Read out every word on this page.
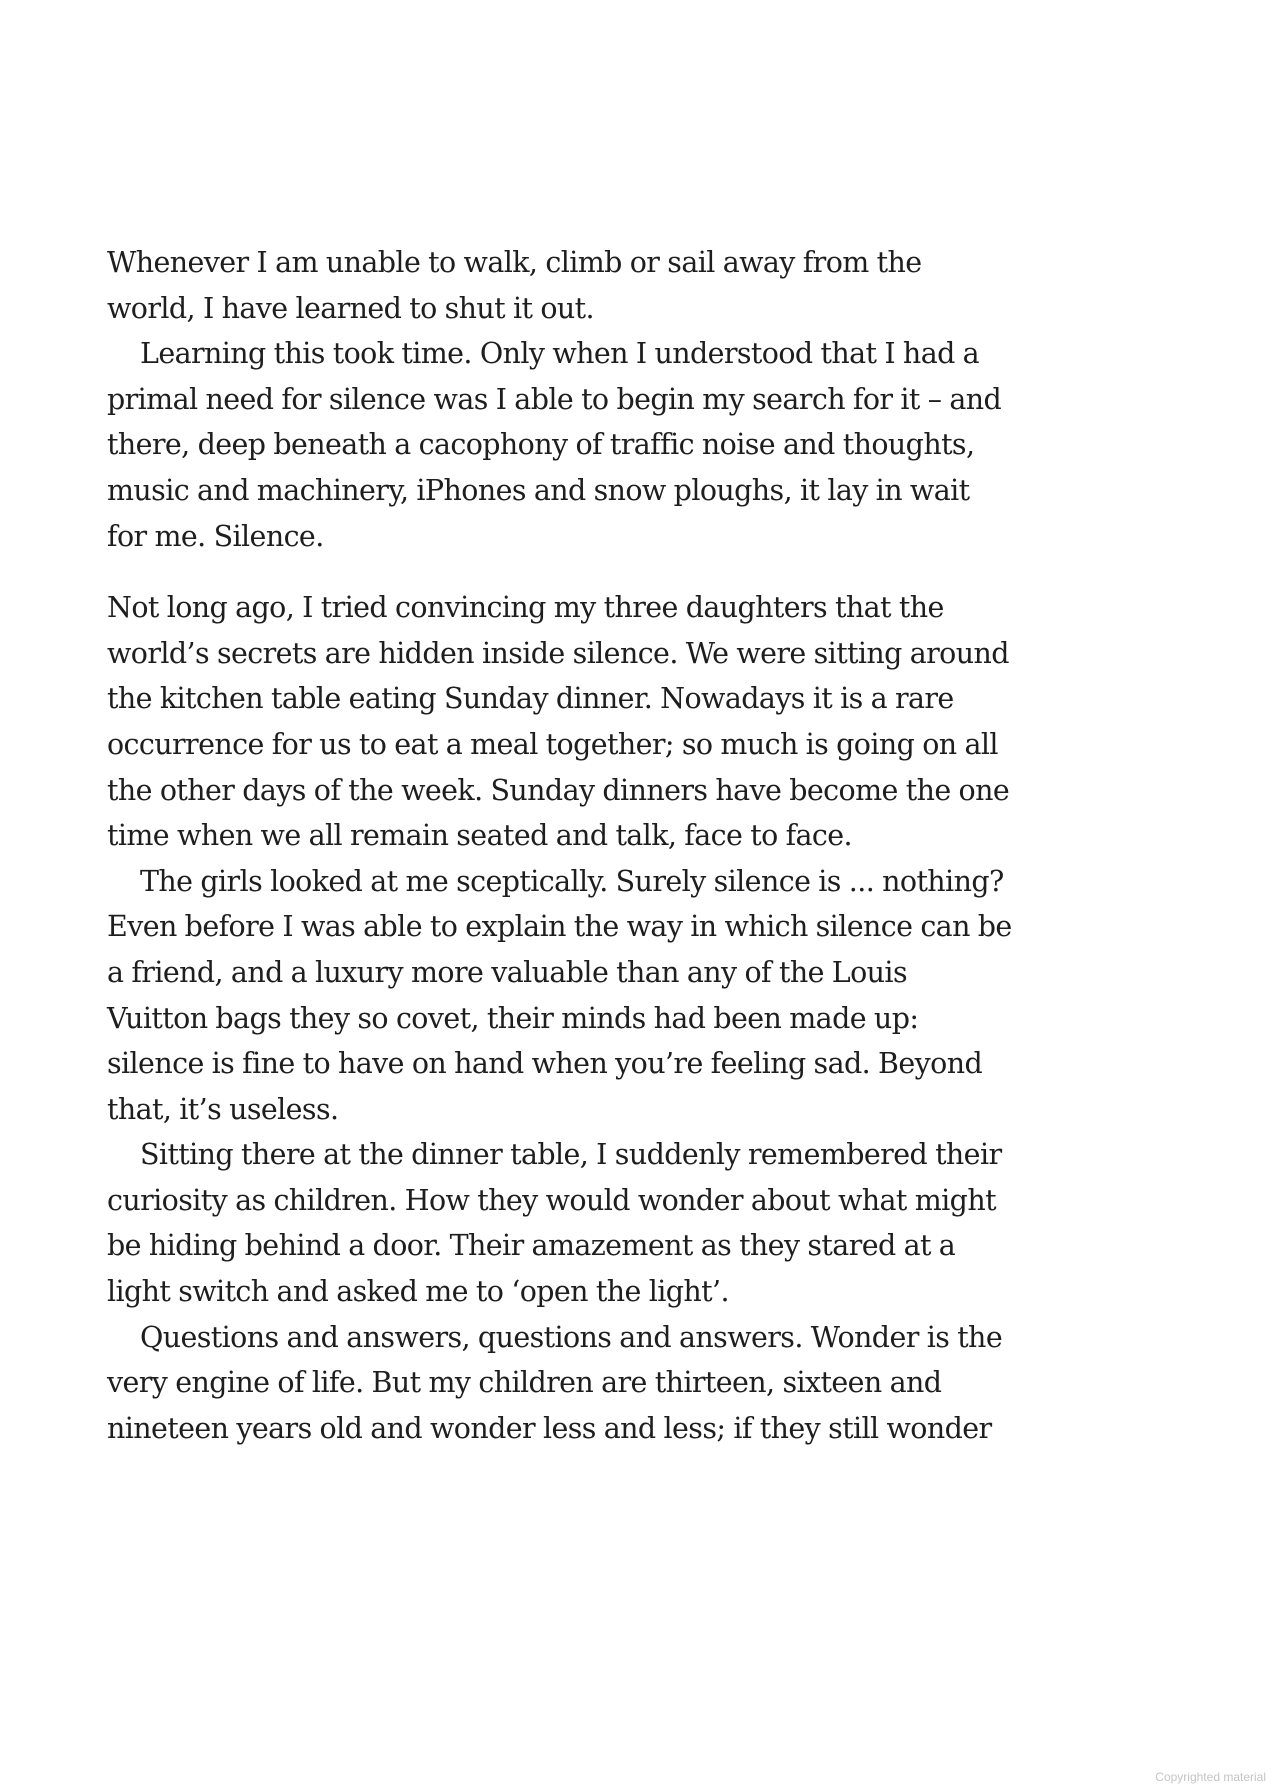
Whenever I am unable to walk, climb or sail away from the
world, I have learned to shut it out.
Learning this took time. Only when I understood that I had a
primal need for silence was I able to begin my search for it – and
there, deep beneath a cacophony of traffic noise and thoughts,
music and machinery, iPhones and snow ploughs, it lay in wait
for me. Silence.
Not long ago, I tried convincing my three daughters that the
world’s secrets are hidden inside silence. We were sitting around
the kitchen table eating Sunday dinner. Nowadays it is a rare
occurrence for us to eat a meal together; so much is going on all
the other days of the week. Sunday dinners have become the one
time when we all remain seated and talk, face to face.
The girls looked at me sceptically. Surely silence is ... nothing?
Even before I was able to explain the way in which silence can be
a friend, and a luxury more valuable than any of the Louis
Vuitton bags they so covet, their minds had been made up:
silence is fine to have on hand when you’re feeling sad. Beyond
that, it’s useless.
Sitting there at the dinner table, I suddenly remembered their
curiosity as children. How they would wonder about what might
be hiding behind a door. Their amazement as they stared at a
light switch and asked me to ‘open the light’.
Questions and answers, questions and answers. Wonder is the
very engine of life. But my children are thirteen, sixteen and
nineteen years old and wonder less and less; if they still wonder
Copyrighted material
